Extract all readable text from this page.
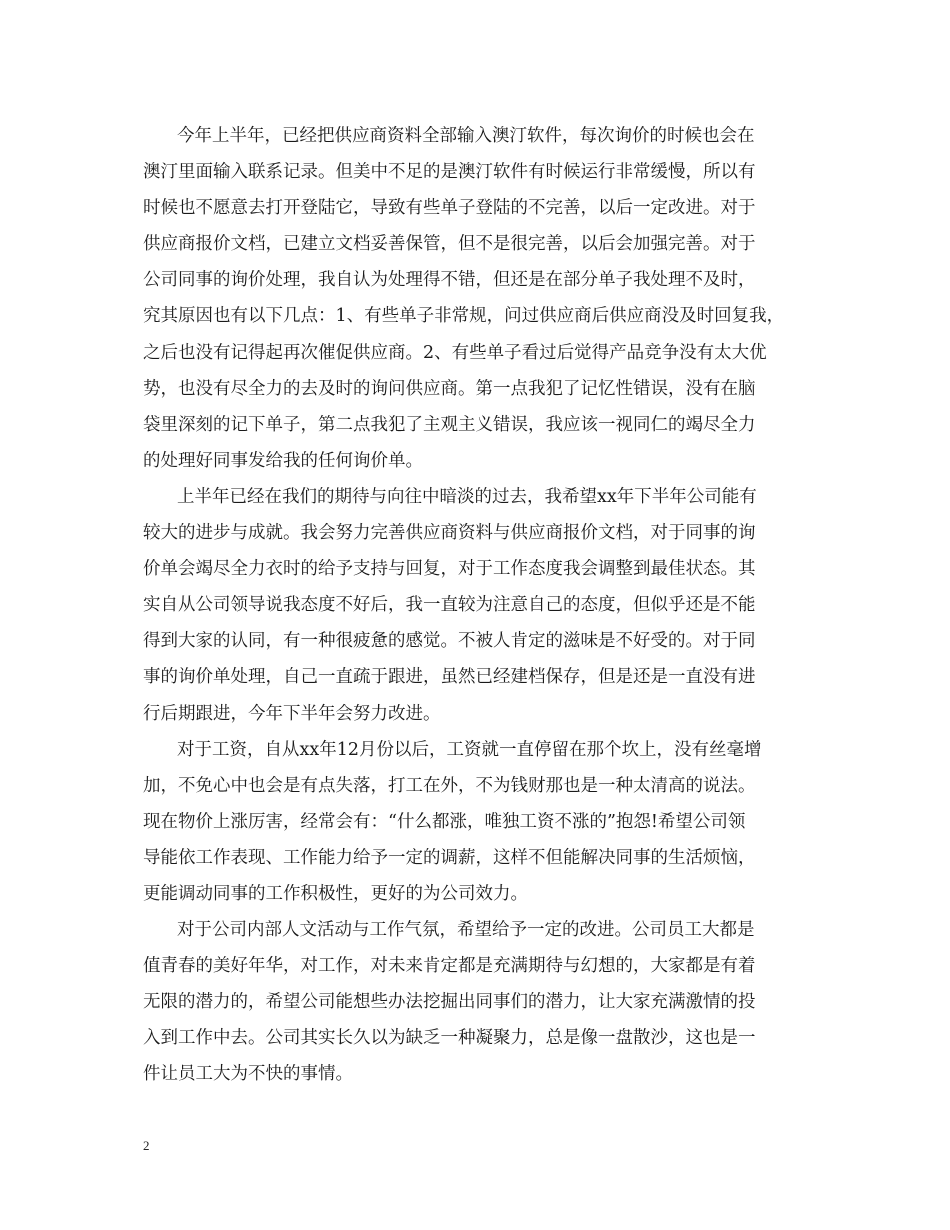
今年上半年，已经把供应商资料全部输入澳汀软件，每次询价的时候也会在
澳汀里面输入联系记录。但美中不足的是澳汀软件有时候运行非常缓慢，所以有
时候也不愿意去打开登陆它，导致有些单子登陆的不完善，以后一定改进。对于
供应商报价文档，已建立文档妥善保管，但不是很完善，以后会加强完善。对于
公司同事的询价处理，我自认为处理得不错，但还是在部分单子我处理不及时，
究其原因也有以下几点：1、有些单子非常规，问过供应商后供应商没及时回复我，
之后也没有记得起再次催促供应商。2、有些单子看过后觉得产品竞争没有太大优
势，也没有尽全力的去及时的询问供应商。第一点我犯了记忆性错误，没有在脑
袋里深刻的记下单子，第二点我犯了主观主义错误，我应该一视同仁的竭尽全力
的处理好同事发给我的任何询价单。

上半年已经在我们的期待与向往中暗淡的过去，我希望xx年下半年公司能有
较大的进步与成就。我会努力完善供应商资料与供应商报价文档，对于同事的询
价单会竭尽全力衣时的给予支持与回复，对于工作态度我会调整到最佳状态。其
实自从公司领导说我态度不好后，我一直较为注意自己的态度，但似乎还是不能
得到大家的认同，有一种很疲惫的感觉。不被人肯定的滋味是不好受的。对于同
事的询价单处理，自己一直疏于跟进，虽然已经建档保存，但是还是一直没有进
行后期跟进，今年下半年会努力改进。

对于工资，自从xx年12月份以后，工资就一直停留在那个坎上，没有丝毫增
加，不免心中也会是有点失落，打工在外，不为钱财那也是一种太清高的说法。
现在物价上涨厉害，经常会有：“什么都涨，唯独工资不涨的”抱怨!希望公司领
导能依工作表现、工作能力给予一定的调薪，这样不但能解决同事的生活烦恼，
更能调动同事的工作积极性，更好的为公司效力。

对于公司内部人文活动与工作气氛，希望给予一定的改进。公司员工大都是
值青春的美好年华，对工作，对未来肯定都是充满期待与幻想的，大家都是有着
无限的潜力的，希望公司能想些办法挖掘出同事们的潜力，让大家充满激情的投
入到工作中去。公司其实长久以为缺乏一种凝聚力，总是像一盘散沙，这也是一
件让员工大为不快的事情。

2
